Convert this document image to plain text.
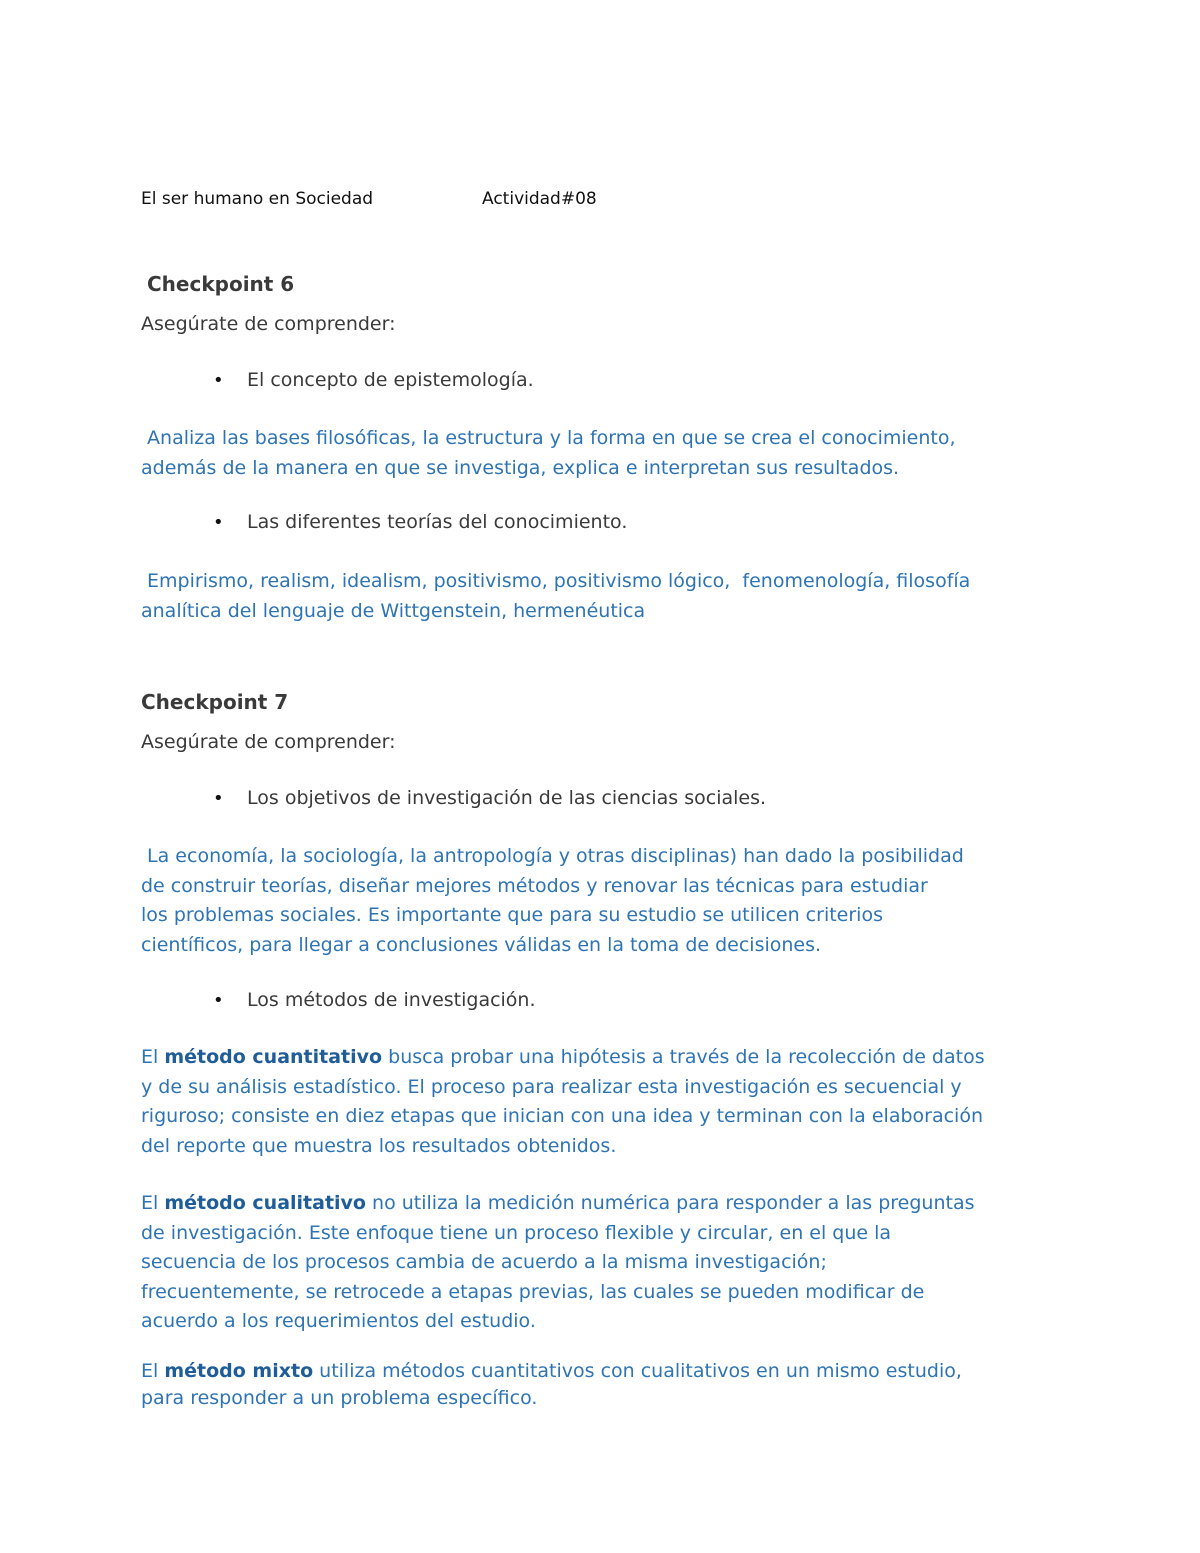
El ser humano en Sociedad	Actividad#08
Checkpoint 6
Asegúrate de comprender:
• El concepto de epistemología.

Analiza las bases filosóficas, la estructura y la forma en que se crea el conocimiento,

además de la manera en que se investiga, explica e interpretan sus resultados.

• Las diferentes teorías del conocimiento.

Empirismo, realism, idealism, positivismo, positivismo lógico,  fenomenología, filosofía

analítica del lenguaje de Wittgenstein, hermenéutica

Checkpoint 7
Asegúrate de comprender:
• Los objetivos de investigación de las ciencias sociales.

La economía, la sociología, la antropología y otras disciplinas) han dado la posibilidad

de construir teorías, diseñar mejores métodos y renovar las técnicas para estudiar

los problemas sociales. Es importante que para su estudio se utilicen criterios

científicos, para llegar a conclusiones válidas en la toma de decisiones.

• Los métodos de investigación.

El método cuantitativo busca probar una hipótesis a través de la recolección de datos

y de su análisis estadístico. El proceso para realizar esta investigación es secuencial y

riguroso; consiste en diez etapas que inician con una idea y terminan con la elaboración

del reporte que muestra los resultados obtenidos.

El método cualitativo no utiliza la medición numérica para responder a las preguntas

de investigación. Este enfoque tiene un proceso flexible y circular, en el que la

secuencia de los procesos cambia de acuerdo a la misma investigación;

frecuentemente, se retrocede a etapas previas, las cuales se pueden modificar de

acuerdo a los requerimientos del estudio.

El método mixto utiliza métodos cuantitativos con cualitativos en un mismo estudio,

para responder a un problema específico.
